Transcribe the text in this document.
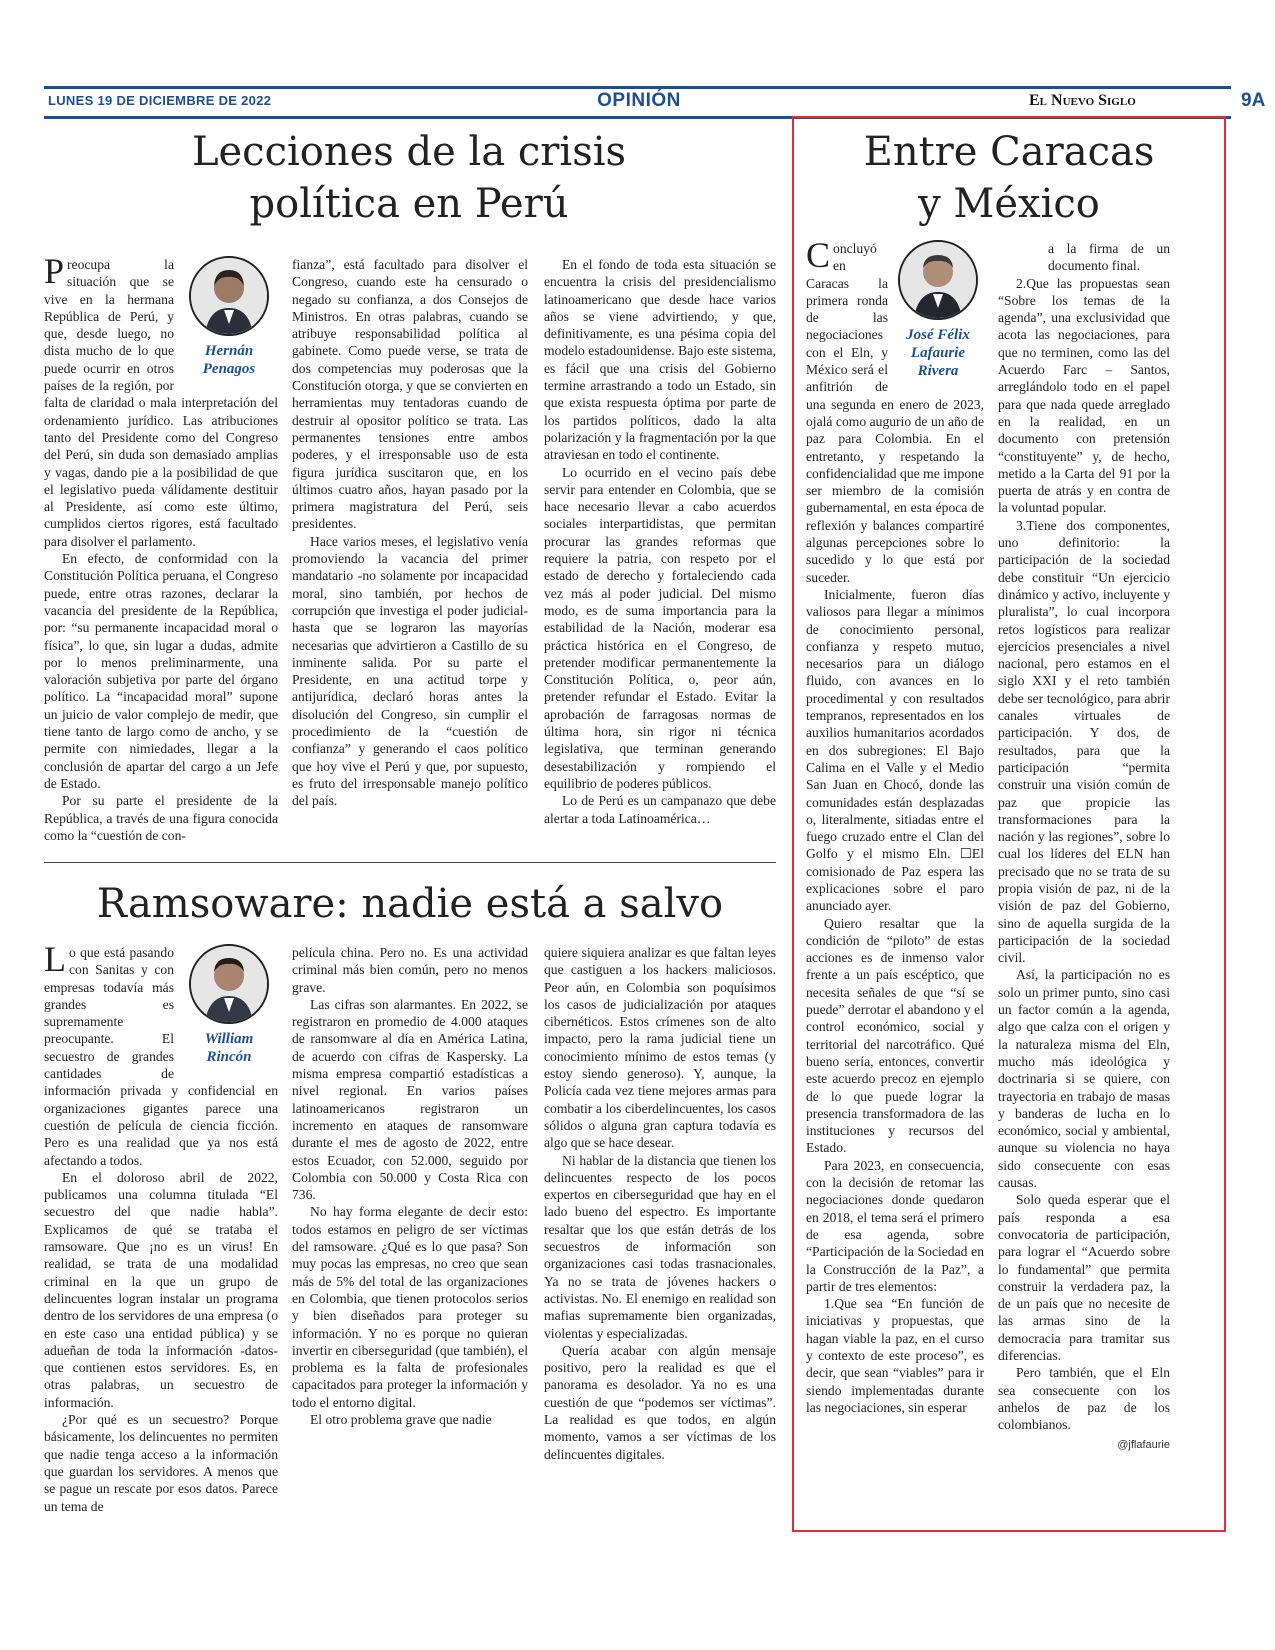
LUNES 19 DE DICIEMBRE DE 2022	OPINIÓN	El Nuevo Siglo	9A
Lecciones de la crisis
política en Perú

P
Hernán
Penagos
reocupa la situación que se vive en la hermana República de Perú, y que, desde luego, no dista mucho de lo que puede ocurrir en otros países de la región, por falta de claridad o mala interpretación del ordenamiento jurídico. Las atribuciones tanto del Presidente como del Congreso del Perú, sin duda son demasiado amplias y vagas, dando pie a la posibilidad de que el legislativo pueda válidamente destituir al Presidente, así como este último, cumplidos ciertos rigores, está facultado para disolver el parlamento.

En efecto, de conformidad con la Constitución Política peruana, el Congreso puede, entre otras razones, declarar la vacancia del presidente de la República, por: “su permanente incapacidad moral o física”, lo que, sin lugar a dudas, admite por lo menos preliminarmente, una valoración subjetiva por parte del órgano político. La “incapacidad moral” supone un juicio de valor complejo de medir, que tiene tanto de largo como de ancho, y se permite con nimiedades, llegar a la conclusión de apartar del cargo a un Jefe de Estado.

Por su parte el presidente de la República, a través de una figura conocida como la “cuestión de con-

fianza”, está facultado para disolver el Congreso, cuando este ha censurado o negado su confianza, a dos Consejos de Ministros. En otras palabras, cuando se atribuye responsabilidad política al gabinete. Como puede verse, se trata de dos competencias muy poderosas que la Constitución otorga, y que se convierten en herramientas muy tentadoras cuando de destruir al opositor político se trata. Las permanentes tensiones entre ambos poderes, y el irresponsable uso de esta figura jurídica suscitaron que, en los últimos cuatro años, hayan pasado por la primera magistratura del Perú, seis presidentes.

Hace varios meses, el legislativo venía promoviendo la vacancia del primer mandatario -no solamente por incapacidad moral, sino también, por hechos de corrupción que investiga el poder judicial- hasta que se lograron las mayorías necesarias que advirtieron a Castillo de su inminente salida. Por su parte el Presidente, en una actitud torpe y antijurídica, declaró horas antes la disolución del Congreso, sin cumplir el procedimiento de la “cuestión de confianza” y generando el caos político que hoy vive el Perú y que, por supuesto, es fruto del irresponsable manejo político del país.

En el fondo de toda esta situación se encuentra la crisis del presidencialismo latinoamericano que desde hace varios años se viene advirtiendo, y que, definitivamente, es una pésima copia del modelo estadounidense. Bajo este sistema, es fácil que una crisis del Gobierno termine arrastrando a todo un Estado, sin que exista respuesta óptima por parte de los partidos políticos, dado la alta polarización y la fragmentación por la que atraviesan en todo el continente.

Lo ocurrido en el vecino país debe servir para entender en Colombia, que se hace necesario llevar a cabo acuerdos sociales interpartidistas, que permitan procurar las grandes reformas que requiere la patria, con respeto por el estado de derecho y fortaleciendo cada vez más al poder judicial. Del mismo modo, es de suma importancia para la estabilidad de la Nación, moderar esa práctica histórica en el Congreso, de pretender modificar permanentemente la Constitución Política, o, peor aún, pretender refundar el Estado. Evitar la aprobación de farragosas normas de última hora, sin rigor ni técnica legislativa, que terminan generando desestabilización y rompiendo el equilibrio de poderes públicos.

Lo de Perú es un campanazo que debe alertar a toda Latinoamérica…

Ramsoware: nadie está a salvo

L
William
Rincón
o que está pasando con Sanitas y con empresas todavía más grandes es supremamente preocupante. El secuestro de grandes cantidades de información privada y confidencial en organizaciones gigantes parece una cuestión de película de ciencia ficción. Pero es una realidad que ya nos está afectando a todos.

En el doloroso abril de 2022, publicamos una columna titulada “El secuestro del que nadie habla”. Explicamos de qué se trataba el ramsoware. Que ¡no es un virus! En realidad, se trata de una modalidad criminal en la que un grupo de delincuentes logran instalar un programa dentro de los servidores de una empresa (o en este caso una entidad pública) y se adueñan de toda la información -datos- que contienen estos servidores. Es, en otras palabras, un secuestro de información.

¿Por qué es un secuestro? Porque básicamente, los delincuentes no permiten que nadie tenga acceso a la información que guardan los servidores. A menos que se pague un rescate por esos datos. Parece un tema de

película china. Pero no. Es una actividad criminal más bien común, pero no menos grave.

Las cifras son alarmantes. En 2022, se registraron en promedio de 4.000 ataques de ransomware al día en América Latina, de acuerdo con cifras de Kaspersky. La misma empresa compartió estadísticas a nivel regional. En varios países latinoamericanos registraron un incremento en ataques de ransomware durante el mes de agosto de 2022, entre estos Ecuador, con 52.000, seguido por Colombia con 50.000 y Costa Rica con 736.

No hay forma elegante de decir esto: todos estamos en peligro de ser víctimas del ramsoware. ¿Qué es lo que pasa? Son muy pocas las empresas, no creo que sean más de 5% del total de las organizaciones en Colombia, que tienen protocolos serios y bien diseñados para proteger su información. Y no es porque no quieran invertir en ciberseguridad (que también), el problema es la falta de profesionales capacitados para proteger la información y todo el entorno digital.

El otro problema grave que nadie

quiere siquiera analizar es que faltan leyes que castiguen a los hackers maliciosos. Peor aún, en Colombia son poquísimos los casos de judicialización por ataques cibernéticos. Estos crímenes son de alto impacto, pero la rama judicial tiene un conocimiento mínimo de estos temas (y estoy siendo generoso). Y, aunque, la Policía cada vez tiene mejores armas para combatir a los ciberdelincuentes, los casos sólidos o alguna gran captura todavía es algo que se hace desear.

Ni hablar de la distancia que tienen los delincuentes respecto de los pocos expertos en ciberseguridad que hay en el lado bueno del espectro. Es importante resaltar que los que están detrás de los secuestros de información son organizaciones casi todas trasnacionales. Ya no se trata de jóvenes hackers o activistas. No. El enemigo en realidad son mafias supremamente bien organizadas, violentas y especializadas.

Quería acabar con algún mensaje positivo, pero la realidad es que el panorama es desolador. Ya no es una cuestión de que “podemos ser víctimas”. La realidad es que todos, en algún momento, vamos a ser víctimas de los delincuentes digitales.

Entre Caracas
y México

C
José Félix
Lafaurie
Rivera
oncluyó en Caracas la primera ronda de las negociaciones con el Eln, y México será el anfitrión de una segunda en enero de 2023, ojalá como augurio de un año de paz para Colombia. En el entretanto, y respetando la confidencialidad que me impone ser miembro de la comisión gubernamental, en esta época de reflexión y balances compartiré algunas percepciones sobre lo sucedido y lo que está por suceder.

Inicialmente, fueron días valiosos para llegar a mínimos de conocimiento personal, confianza y respeto mutuo, necesarios para un diálogo fluido, con avances en lo procedimental y con resultados tempranos, representados en los auxilios humanitarios acordados en dos subregiones: El Bajo Calima en el Valle y el Medio San Juan en Chocó, donde las comunidades están desplazadas o, literalmente, sitiadas entre el fuego cruzado entre el Clan del Golfo y el mismo Eln. ☐El comisionado de Paz espera las explicaciones sobre el paro anunciado ayer.

Quiero resaltar que la condición de “piloto” de estas acciones es de inmenso valor frente a un país escéptico, que necesita señales de que “sí se puede” derrotar el abandono y el control económico, social y territorial del narcotráfico. Qué bueno sería, entonces, convertir este acuerdo precoz en ejemplo de lo que puede lograr la presencia transformadora de las instituciones y recursos del Estado.

Para 2023, en consecuencia, con la decisión de retomar las negociaciones donde quedaron en 2018, el tema será el primero de esa agenda, sobre “Participación de la Sociedad en la Construcción de la Paz”, a partir de tres elementos:

1.Que sea “En función de iniciativas y propuestas, que hagan viable la paz, en el curso y contexto de este proceso”, es decir, que sean “viables” para ir siendo implementadas durante las negociaciones, sin esperar

a la firma de un documento final.

2.Que las propuestas sean “Sobre los temas de la agenda”, una exclusividad que acota las negociaciones, para que no terminen, como las del Acuerdo Farc – Santos, arreglándolo todo en el papel para que nada quede arreglado en la realidad, en un documento con pretensión “constituyente” y, de hecho, metido a la Carta del 91 por la puerta de atrás y en contra de la voluntad popular.

3.Tiene dos componentes, uno definitorio: la participación de la sociedad debe constituir “Un ejercicio dinámico y activo, incluyente y pluralista”, lo cual incorpora retos logísticos para realizar ejercicios presenciales a nivel nacional, pero estamos en el siglo XXI y el reto también debe ser tecnológico, para abrir canales virtuales de participación. Y dos, de resultados, para que la participación “permita construir una visión común de paz que propicie las transformaciones para la nación y las regiones”, sobre lo cual los líderes del ELN han precisado que no se trata de su propia visión de paz, ni de la visión de paz del Gobierno, sino de aquella surgida de la participación de la sociedad civil.

Así, la participación no es solo un primer punto, sino casi un factor común a la agenda, algo que calza con el origen y la naturaleza misma del Eln, mucho más ideológica y doctrinaria si se quiere, con trayectoria en trabajo de masas y banderas de lucha en lo económico, social y ambiental, aunque su violencia no haya sido consecuente con esas causas.

Solo queda esperar que el país responda a esa convocatoria de participación, para lograr el “Acuerdo sobre lo fundamental” que permita construir la verdadera paz, la de un país que no necesite de las armas sino de la democracia para tramitar sus diferencias.

Pero también, que el Eln sea consecuente con los anhelos de paz de los colombianos.

@jflafaurie
